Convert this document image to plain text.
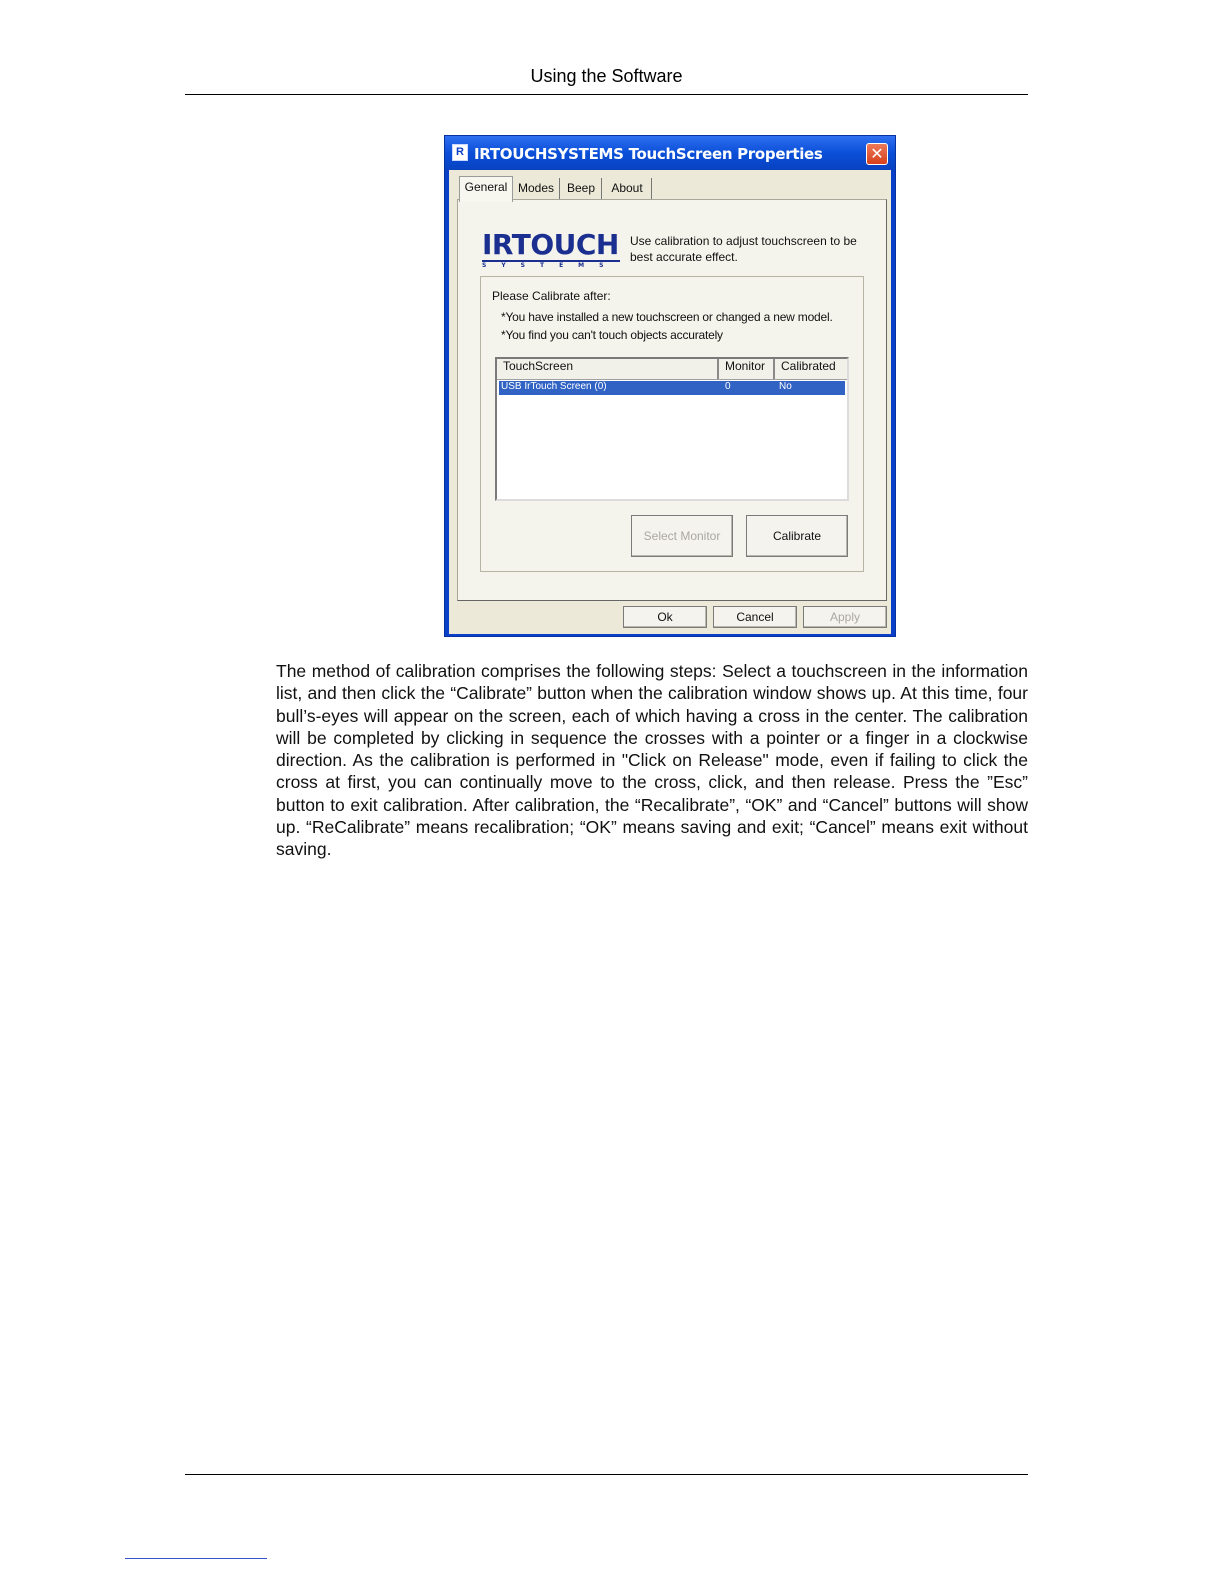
Using the Software
R IRTOUCHSYSTEMS TouchScreen Properties	✕
General Modes	Beep	About
IRTOUCH
SYSTEMS
Use calibration to adjust touchscreen to be best accurate effect.
Please Calibrate after:
*You have installed a new touchscreen or changed a new model.
*You find you can't touch objects accurately
TouchScreen	Monitor	Calibrated
USB IrTouch Screen (0)	0	No
Select Monitor	Calibrate
Ok	Cancel	Apply

The method of calibration comprises the following steps: Select a touchscreen in the information list, and then click the “Calibrate” button when the calibration window shows up. At this time, four bull’s-eyes will appear on the screen, each of which having a cross in the center. The calibration will be completed by clicking in sequence the crosses with a pointer or a finger in a clockwise direction. As the calibration is performed in "Click on Release" mode, even if failing to click the cross at first, you can continually move to the cross, click, and then release. Press the ”Esc” button to exit calibration. After calibration, the “Recalibrate”, “OK” and “Cancel” buttons will show up. “ReCalibrate” means recalibration; “OK” means saving and exit; “Cancel” means exit without saving.
